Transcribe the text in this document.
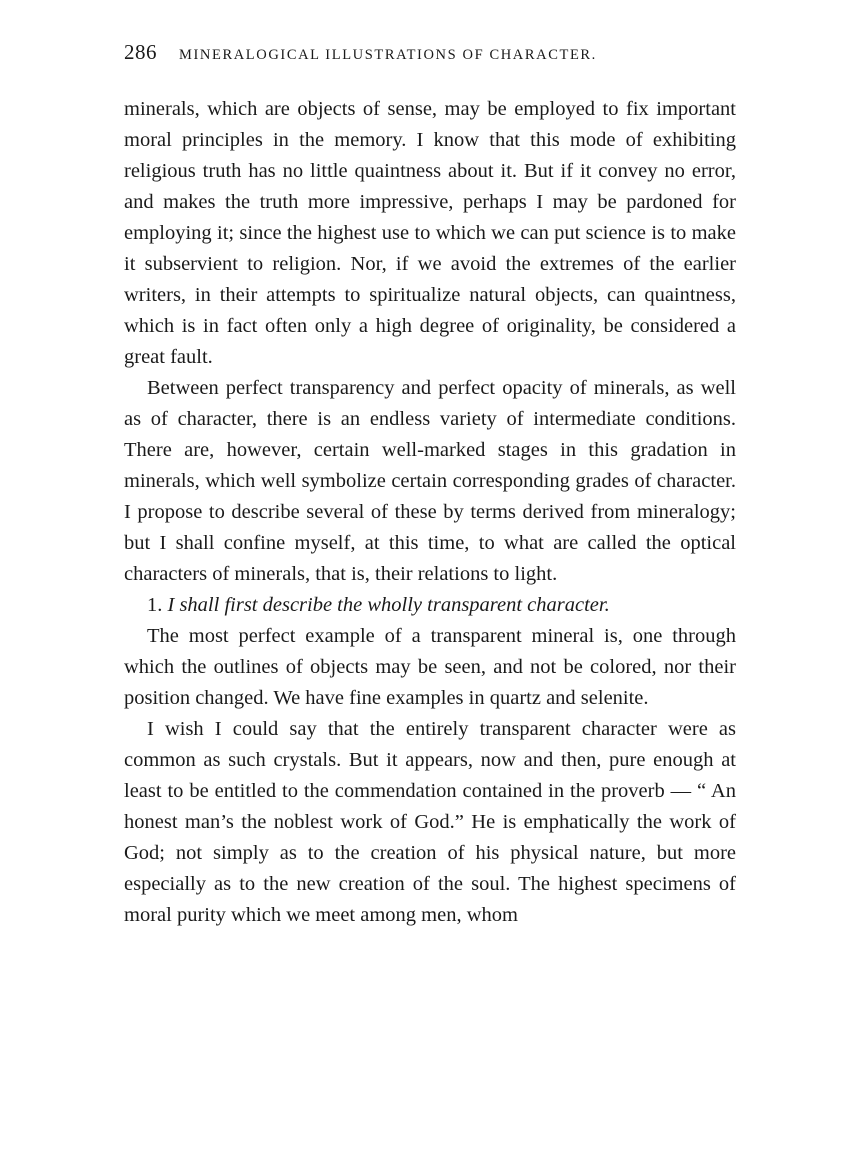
286 MINERALOGICAL ILLUSTRATIONS OF CHARACTER.

minerals, which are objects of sense, may be employed to fix important moral principles in the memory. I know that this mode of exhibiting religious truth has no little quaintness about it. But if it convey no error, and makes the truth more impressive, perhaps I may be pardoned for employing it; since the highest use to which we can put science is to make it subservient to religion. Nor, if we avoid the extremes of the earlier writers, in their attempts to spiritualize natural objects, can quaintness, which is in fact often only a high degree of originality, be considered a great fault.

Between perfect transparency and perfect opacity of minerals, as well as of character, there is an endless variety of intermediate conditions. There are, however, certain well-marked stages in this gradation in minerals, which well symbolize certain corresponding grades of character. I propose to describe several of these by terms derived from mineralogy; but I shall confine myself, at this time, to what are called the optical characters of minerals, that is, their relations to light.

1. I shall first describe the wholly transparent character.

The most perfect example of a transparent mineral is, one through which the outlines of objects may be seen, and not be colored, nor their position changed. We have fine examples in quartz and selenite.

I wish I could say that the entirely transparent character were as common as such crystals. But it appears, now and then, pure enough at least to be entitled to the commendation contained in the proverb — “ An honest man’s the noblest work of God.” He is emphatically the work of God; not simply as to the creation of his physical nature, but more especially as to the new creation of the soul. The highest specimens of moral purity which we meet among men, whom
